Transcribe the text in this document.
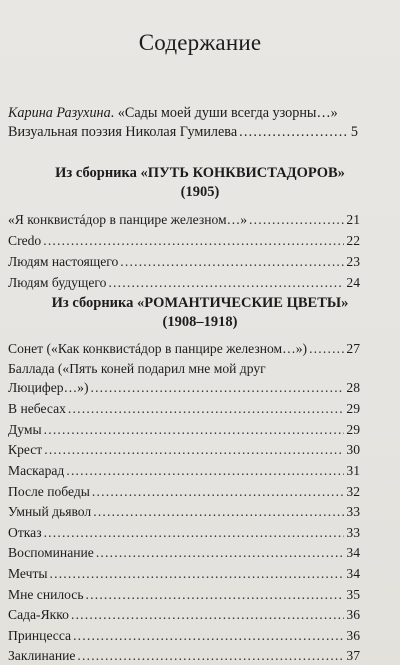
Содержание
Карина Разухина. «Сады моей души всегда узорны…»
Визуальная поэзия Николая Гумилева .....	5
Из сборника «ПУТЬ КОНКВИСТАДОРОВ»
(1905)
«Я конквистáдор в панцире железном…» .....	21
Credo .....	22
Людям настоящего .....	23
Людям будущего .....	24
Из сборника «РОМАНТИЧЕСКИЕ ЦВЕТЫ»
(1908–1918)
Сонет («Как конквистáдор в панцире железном…») .....	27
Баллада («Пять коней подарил мне мой друг
Люцифер…») .....	28
В небесах .....	29
Думы .....	29
Крест .....	30
Маскарад .....	31
После победы .....	32
Умный дьявол .....	33
Отказ .....	33
Воспоминание .....	34
Мечты .....	34
Мне снилось .....	35
Сада-Якко .....	36
Принцесса .....	36
Заклинание .....	37
